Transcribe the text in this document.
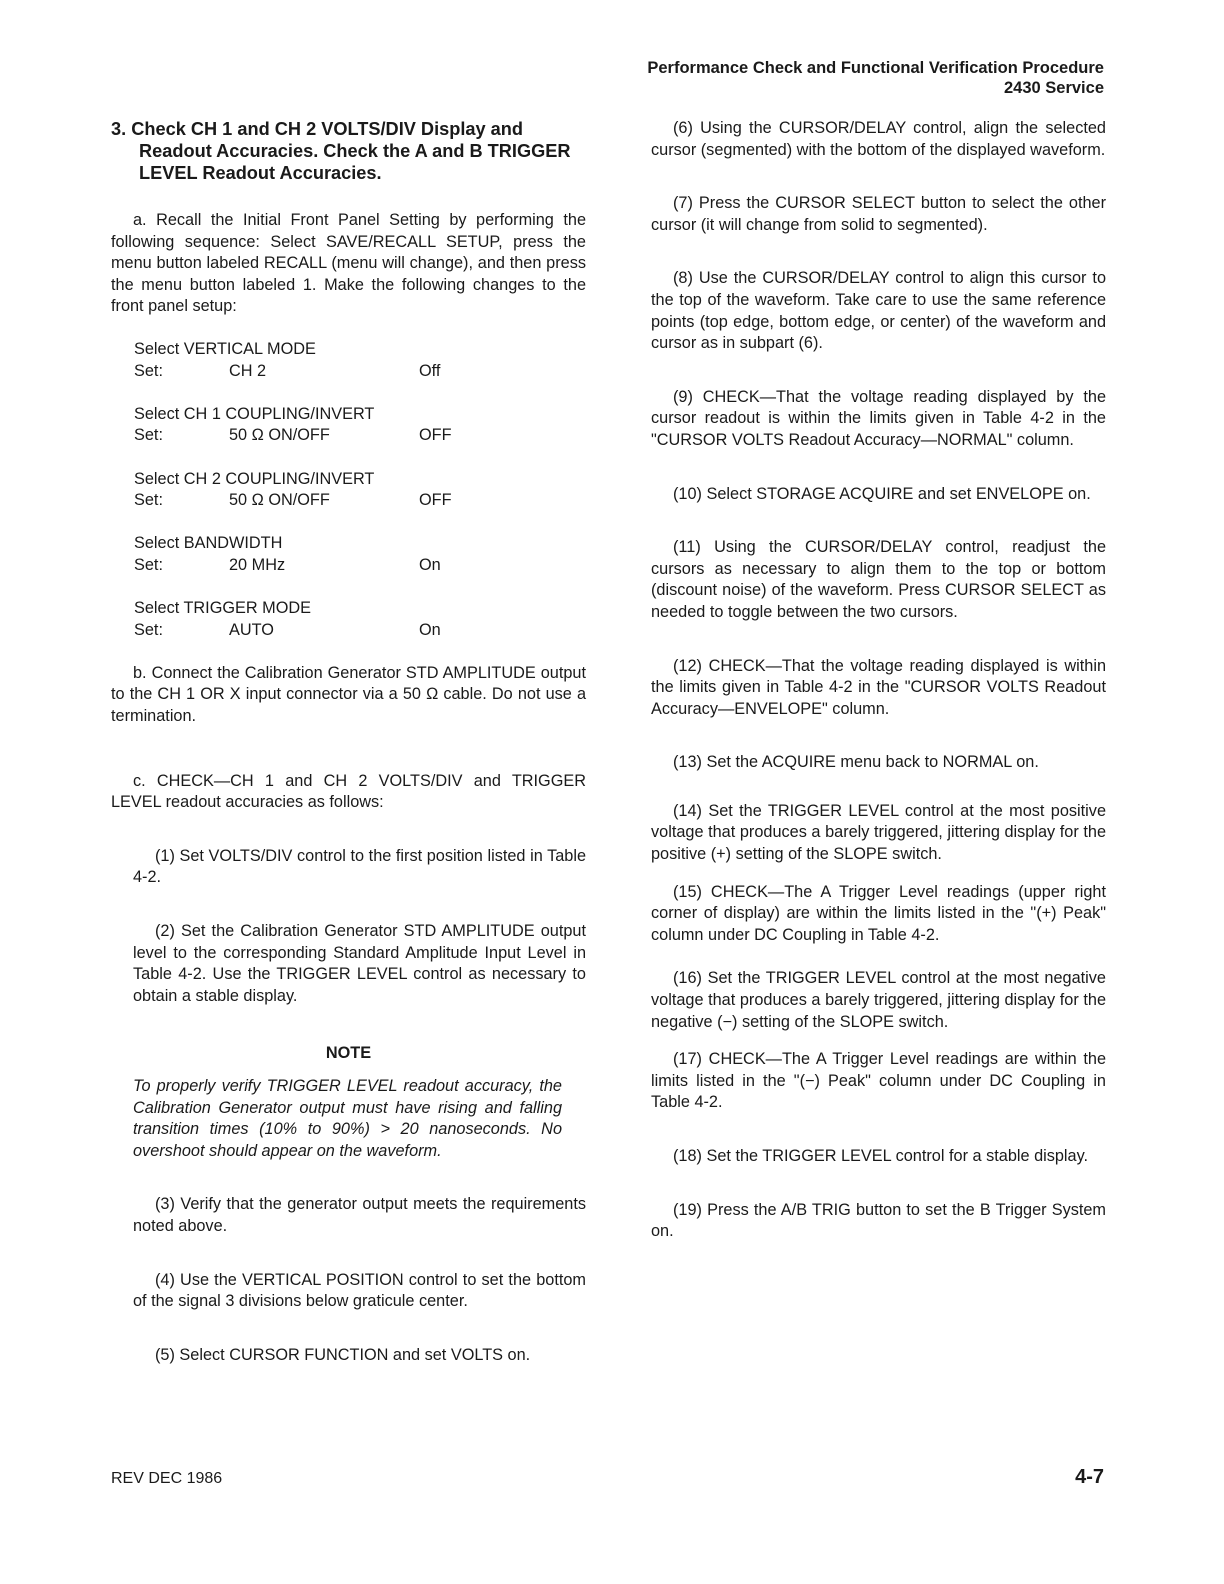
Performance Check and Functional Verification Procedure
2430 Service
3. Check CH 1 and CH 2 VOLTS/DIV Display and Readout Accuracies. Check the A and B TRIGGER LEVEL Readout Accuracies.

a. Recall the Initial Front Panel Setting by performing the following sequence: Select SAVE/RECALL SETUP, press the menu button labeled RECALL (menu will change), and then press the menu button labeled 1. Make the following changes to the front panel setup:

Select VERTICAL MODE
Set:	CH 2	Off
Select CH 1 COUPLING/INVERT
Set:	50 Ω ON/OFF	OFF
Select CH 2 COUPLING/INVERT
Set:	50 Ω ON/OFF	OFF
Select BANDWIDTH
Set:	20 MHz	On
Select TRIGGER MODE
Set:	AUTO	On

b. Connect the Calibration Generator STD AMPLITUDE output to the CH 1 OR X input connector via a 50 Ω cable. Do not use a termination.

c. CHECK—CH 1 and CH 2 VOLTS/DIV and TRIGGER LEVEL readout accuracies as follows:

(1) Set VOLTS/DIV control to the first position listed in Table 4-2.

(2) Set the Calibration Generator STD AMPLITUDE output level to the corresponding Standard Amplitude Input Level in Table 4-2. Use the TRIGGER LEVEL control as necessary to obtain a stable display.

NOTE
To properly verify TRIGGER LEVEL readout accuracy, the Calibration Generator output must have rising and falling transition times (10% to 90%) > 20 nanoseconds. No overshoot should appear on the waveform.

(3) Verify that the generator output meets the requirements noted above.

(4) Use the VERTICAL POSITION control to set the bottom of the signal 3 divisions below graticule center.

(5) Select CURSOR FUNCTION and set VOLTS on.

(6) Using the CURSOR/DELAY control, align the selected cursor (segmented) with the bottom of the displayed waveform.

(7) Press the CURSOR SELECT button to select the other cursor (it will change from solid to segmented).

(8) Use the CURSOR/DELAY control to align this cursor to the top of the waveform. Take care to use the same reference points (top edge, bottom edge, or center) of the waveform and cursor as in subpart (6).

(9) CHECK—That the voltage reading displayed by the cursor readout is within the limits given in Table 4-2 in the "CURSOR VOLTS Readout Accuracy—NORMAL" column.

(10) Select STORAGE ACQUIRE and set ENVELOPE on.

(11) Using the CURSOR/DELAY control, readjust the cursors as necessary to align them to the top or bottom (discount noise) of the waveform. Press CURSOR SELECT as needed to toggle between the two cursors.

(12) CHECK—That the voltage reading displayed is within the limits given in Table 4-2 in the "CURSOR VOLTS Readout Accuracy—ENVELOPE" column.

(13) Set the ACQUIRE menu back to NORMAL on.

(14) Set the TRIGGER LEVEL control at the most positive voltage that produces a barely triggered, jittering display for the positive (+) setting of the SLOPE switch.

(15) CHECK—The A Trigger Level readings (upper right corner of display) are within the limits listed in the "(+) Peak" column under DC Coupling in Table 4-2.

(16) Set the TRIGGER LEVEL control at the most negative voltage that produces a barely triggered, jittering display for the negative (−) setting of the SLOPE switch.

(17) CHECK—The A Trigger Level readings are within the limits listed in the "(−) Peak" column under DC Coupling in Table 4-2.

(18) Set the TRIGGER LEVEL control for a stable display.

(19) Press the A/B TRIG button to set the B Trigger System on.

REV DEC 1986	4-7
